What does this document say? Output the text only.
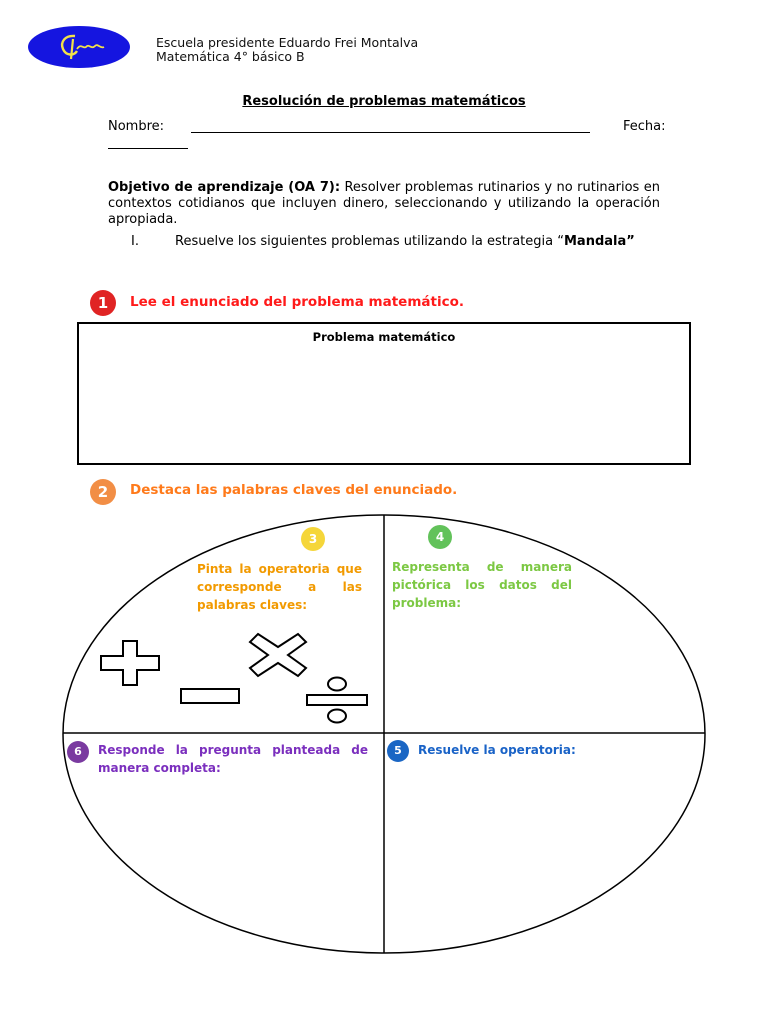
Escuela presidente Eduardo Frei Montalva
Matemática 4° básico B
Resolución de problemas matemáticos
Nombre:	Fecha:
Objetivo de aprendizaje (OA 7): Resolver problemas rutinarios y no rutinarios en contextos cotidianos que incluyen dinero, seleccionando y utilizando la operación apropiada.
I.	Resuelve los siguientes problemas utilizando la estrategia “Mandala”
1	Lee el enunciado del problema matemático.
Problema matemático
2	Destaca las palabras claves del enunciado.
3
Pinta la operatoria que corresponde a las palabras claves:
4
Representa de manera pictórica los datos del problema:
6	Responde la pregunta planteada de manera completa:
5	Resuelve la operatoria:
